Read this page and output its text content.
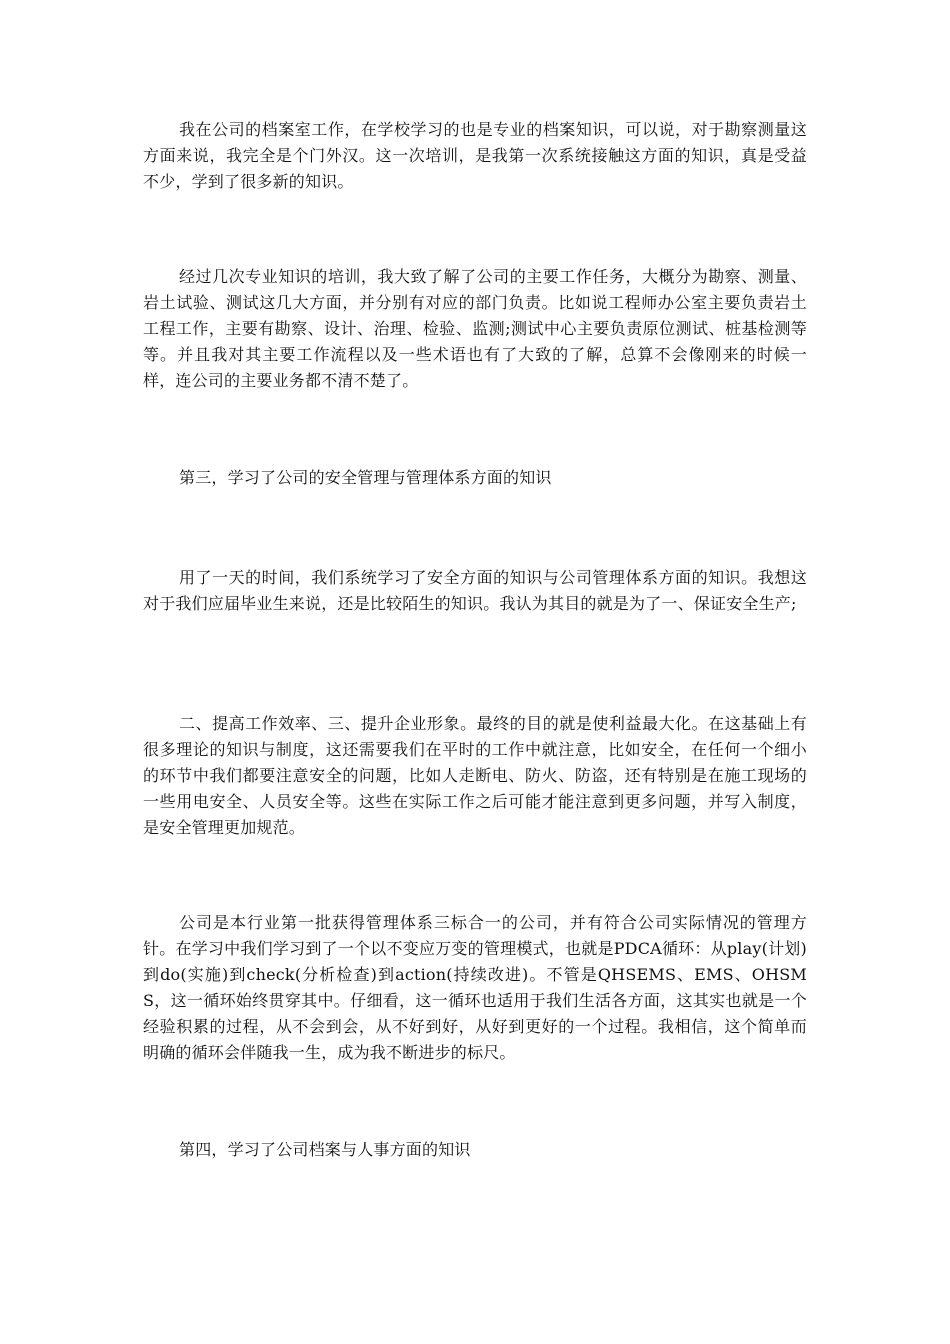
我在公司的档案室工作，在学校学习的也是专业的档案知识，可以说，对于勘察测量这方面来说，我完全是个门外汉。这一次培训，是我第一次系统接触这方面的知识，真是受益不少，学到了很多新的知识。

经过几次专业知识的培训，我大致了解了公司的主要工作任务，大概分为勘察、测量、岩土试验、测试这几大方面，并分别有对应的部门负责。比如说工程师办公室主要负责岩土工程工作，主要有勘察、设计、治理、检验、监测;测试中心主要负责原位测试、桩基检测等等。并且我对其主要工作流程以及一些术语也有了大致的了解，总算不会像刚来的时候一样，连公司的主要业务都不清不楚了。

第三，学习了公司的安全管理与管理体系方面的知识

用了一天的时间，我们系统学习了安全方面的知识与公司管理体系方面的知识。我想这对于我们应届毕业生来说，还是比较陌生的知识。我认为其目的就是为了一、保证安全生产;

二、提高工作效率、三、提升企业形象。最终的目的就是使利益最大化。在这基础上有很多理论的知识与制度，这还需要我们在平时的工作中就注意，比如安全，在任何一个细小的环节中我们都要注意安全的问题，比如人走断电、防火、防盗，还有特别是在施工现场的一些用电安全、人员安全等。这些在实际工作之后可能才能注意到更多问题，并写入制度，是安全管理更加规范。

公司是本行业第一批获得管理体系三标合一的公司，并有符合公司实际情况的管理方针。在学习中我们学习到了一个以不变应万变的管理模式，也就是PDCA循环：从play(计划)到do(实施)到check(分析检查)到action(持续改进)。不管是QHSEMS、EMS、OHSMS，这一循环始终贯穿其中。仔细看，这一循环也适用于我们生活各方面，这其实也就是一个经验积累的过程，从不会到会，从不好到好，从好到更好的一个过程。我相信，这个简单而明确的循环会伴随我一生，成为我不断进步的标尺。

第四，学习了公司档案与人事方面的知识
